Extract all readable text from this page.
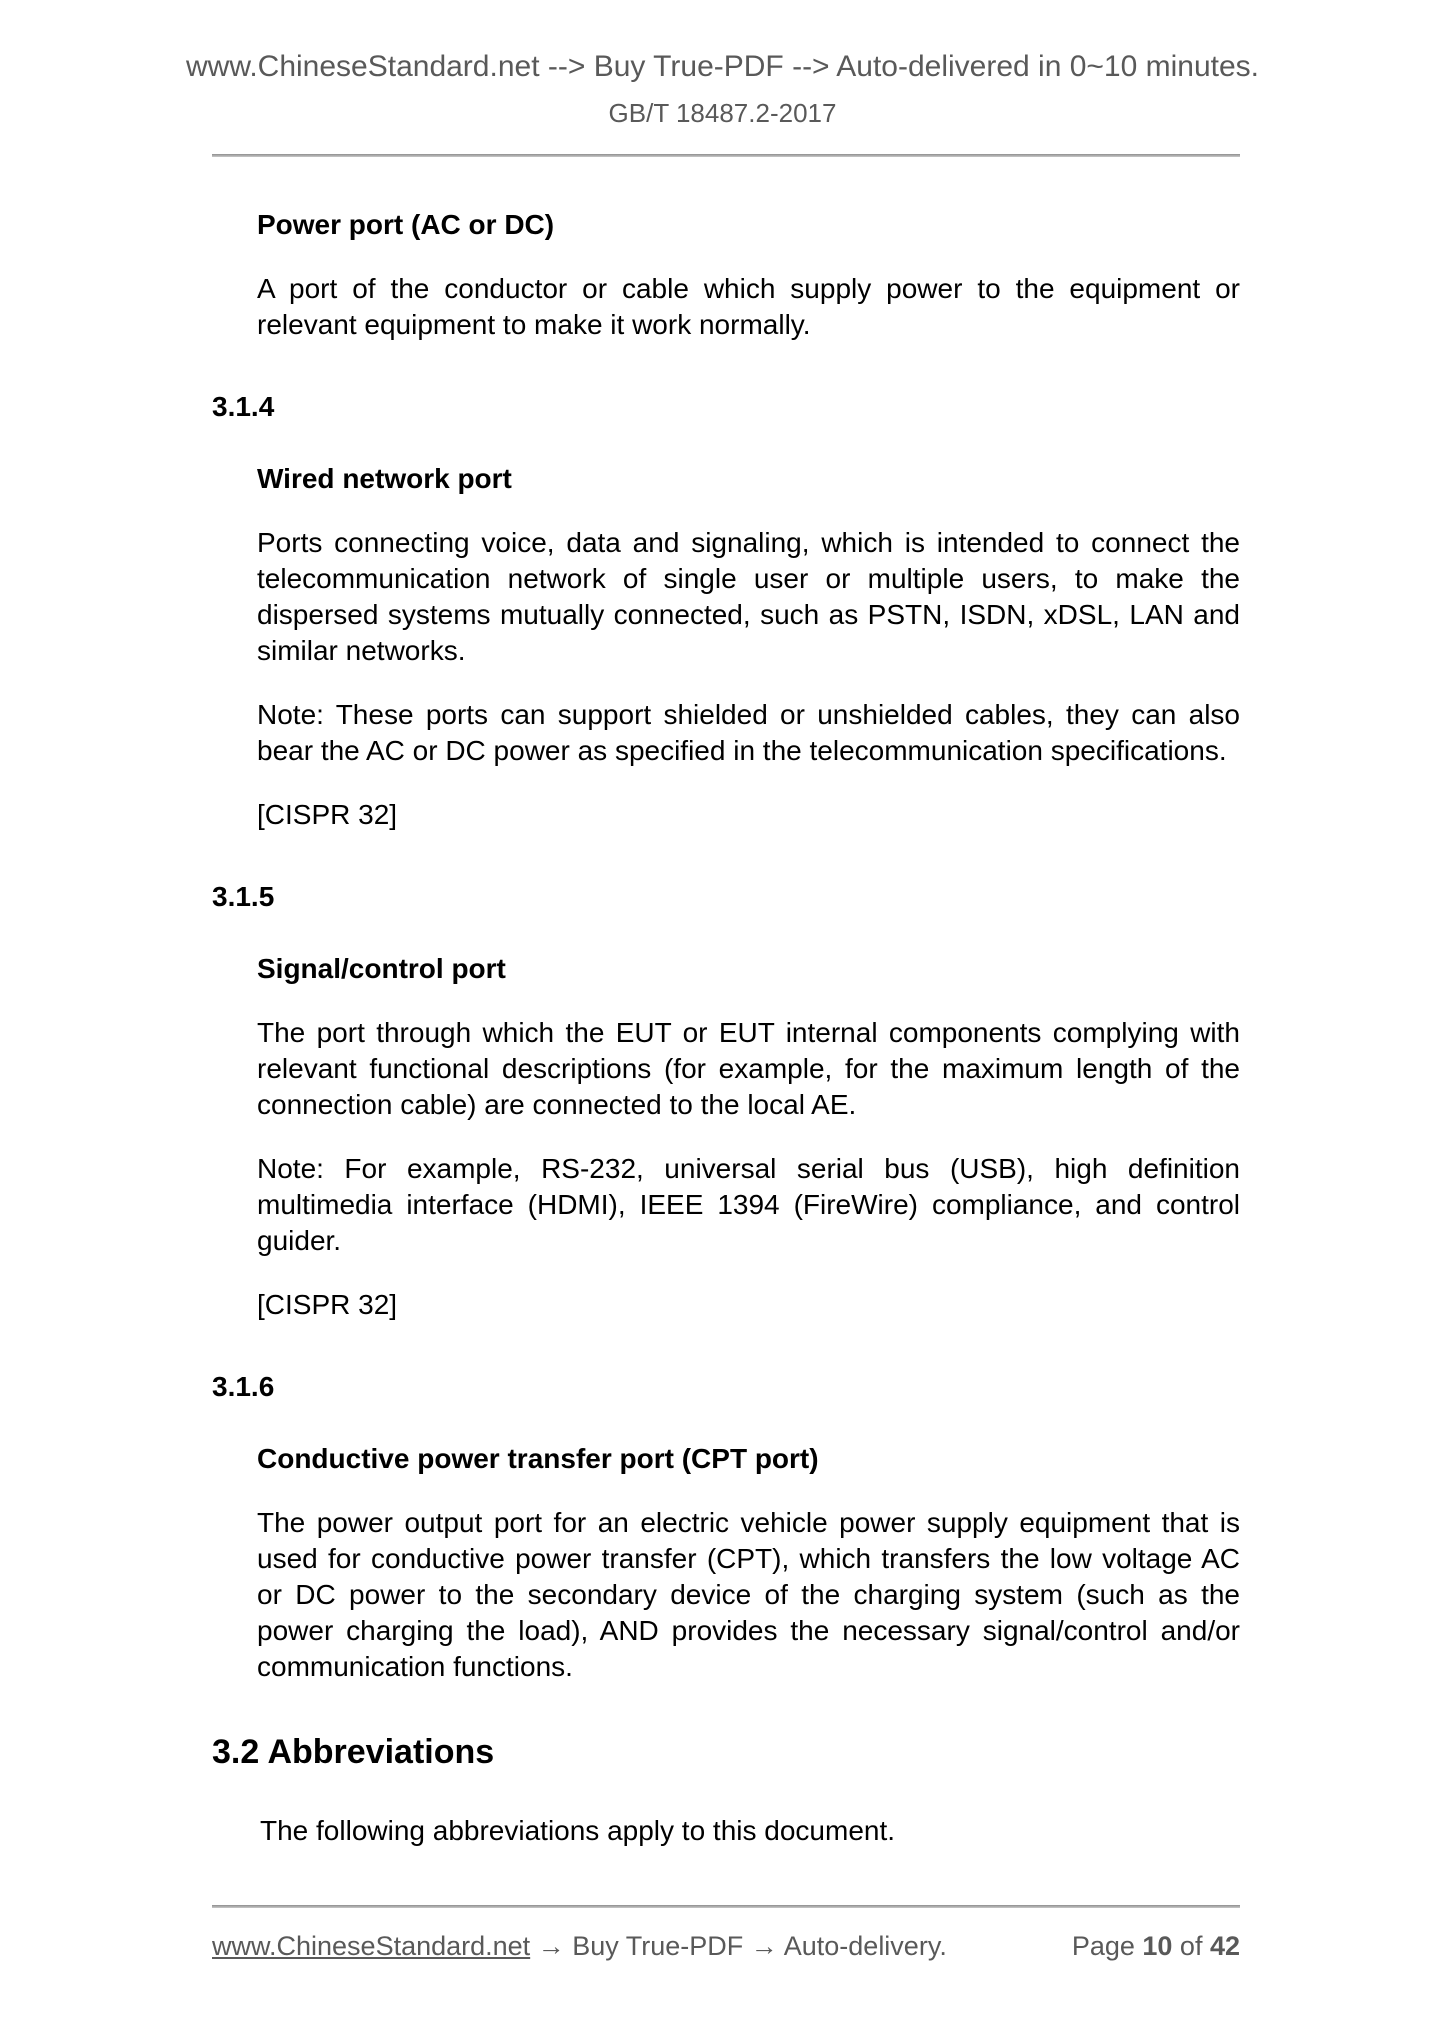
www.ChineseStandard.net --> Buy True-PDF --> Auto-delivered in 0~10 minutes.
GB/T 18487.2-2017

Power port (AC or DC)

A port of the conductor or cable which supply power to the equipment or relevant equipment to make it work normally.

3.1.4

Wired network port

Ports connecting voice, data and signaling, which is intended to connect the telecommunication network of single user or multiple users, to make the dispersed systems mutually connected, such as PSTN, ISDN, xDSL, LAN and similar networks.

Note: These ports can support shielded or unshielded cables, they can also bear the AC or DC power as specified in the telecommunication specifications.

[CISPR 32]

3.1.5

Signal/control port

The port through which the EUT or EUT internal components complying with relevant functional descriptions (for example, for the maximum length of the connection cable) are connected to the local AE.

Note: For example, RS-232, universal serial bus (USB), high definition multimedia interface (HDMI), IEEE 1394 (FireWire) compliance, and control guider.

[CISPR 32]

3.1.6

Conductive power transfer port (CPT port)

The power output port for an electric vehicle power supply equipment that is used for conductive power transfer (CPT), which transfers the low voltage AC or DC power to the secondary device of the charging system (such as the power charging the load), AND provides the necessary signal/control and/or communication functions.

3.2 Abbreviations

The following abbreviations apply to this document.

www.ChineseStandard.net → Buy True-PDF → Auto-delivery.	Page 10 of 42
